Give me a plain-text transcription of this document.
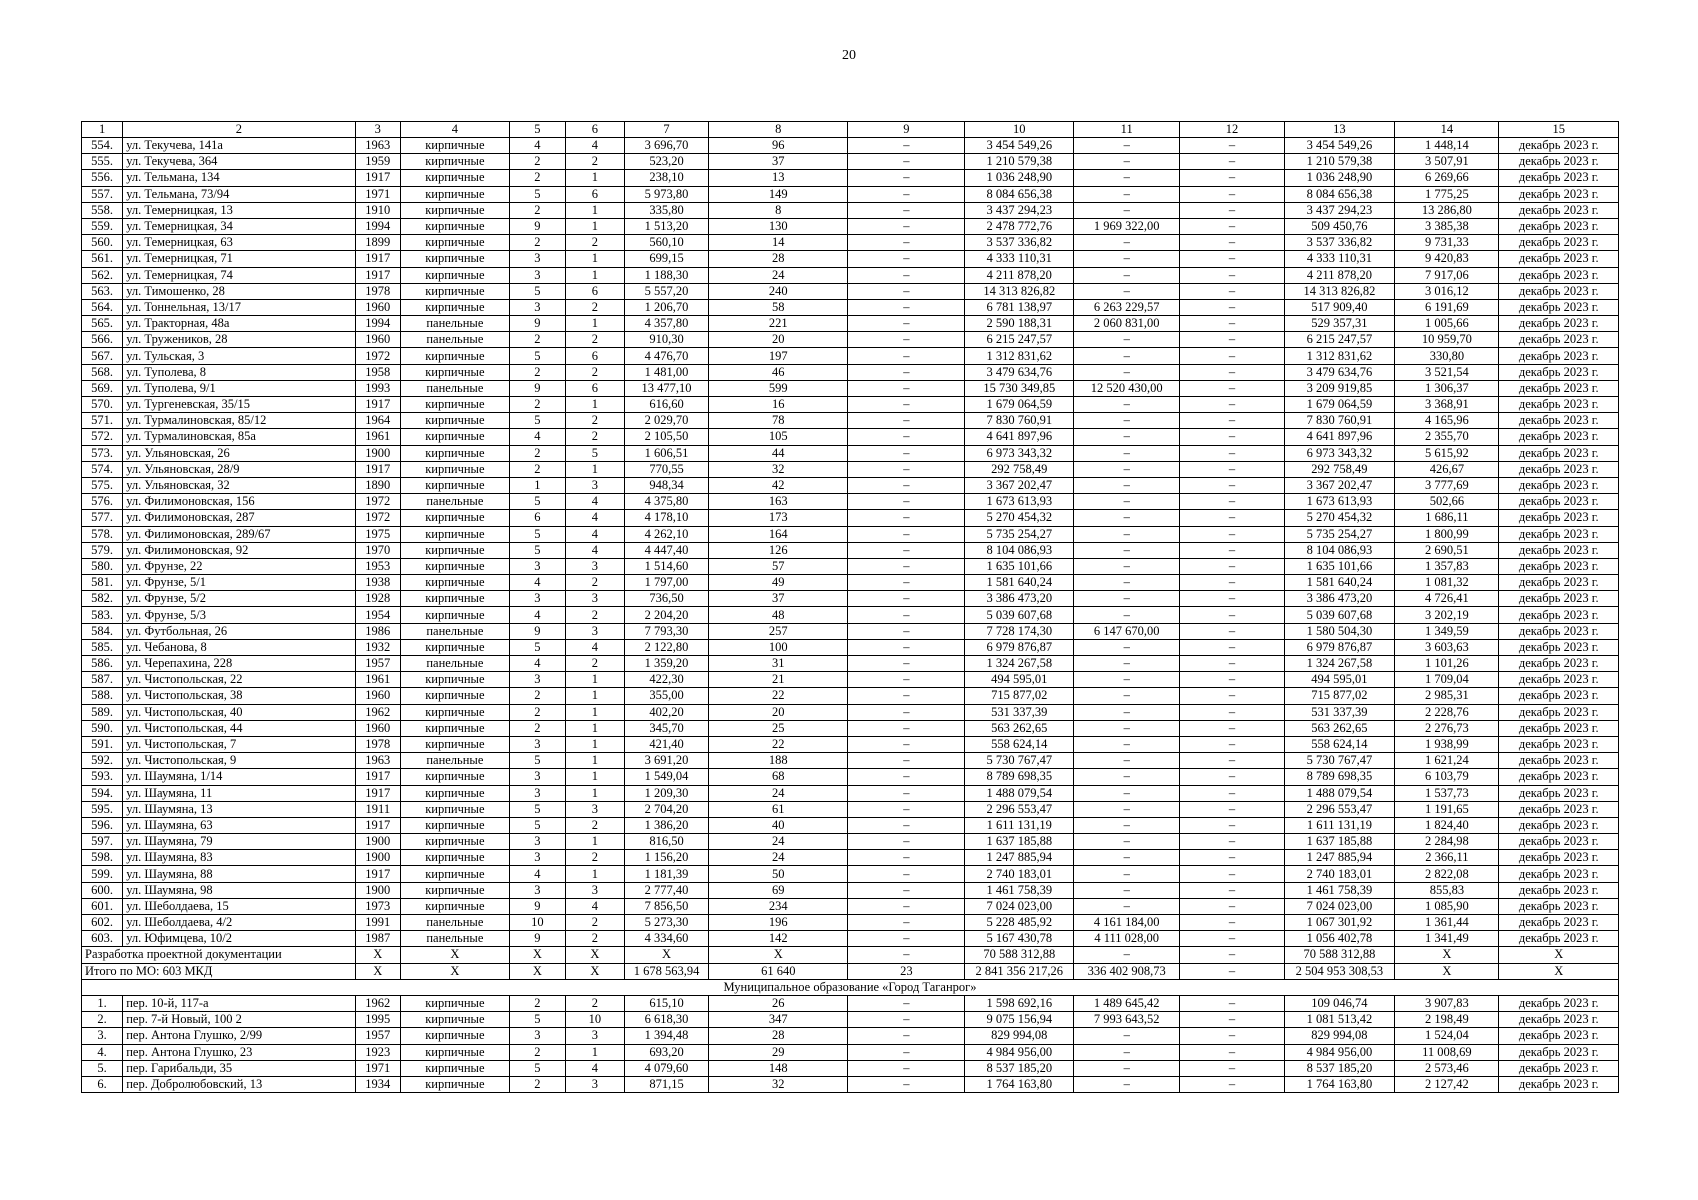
20
1	2	3	4	5	6	7	8	9	10	11	12	13	14	15
554.	ул. Текучева, 141а	1963	кирпичные	4	4	3 696,70	96	–	3 454 549,26	–	–	3 454 549,26	1 448,14	декабрь 2023 г.
555.	ул. Текучева, 364	1959	кирпичные	2	2	523,20	37	–	1 210 579,38	–	–	1 210 579,38	3 507,91	декабрь 2023 г.
556.	ул. Тельмана, 134	1917	кирпичные	2	1	238,10	13	–	1 036 248,90	–	–	1 036 248,90	6 269,66	декабрь 2023 г.
557.	ул. Тельмана, 73/94	1971	кирпичные	5	6	5 973,80	149	–	8 084 656,38	–	–	8 084 656,38	1 775,25	декабрь 2023 г.
558.	ул. Темерницкая, 13	1910	кирпичные	2	1	335,80	8	–	3 437 294,23	–	–	3 437 294,23	13 286,80	декабрь 2023 г.
559.	ул. Темерницкая, 34	1994	кирпичные	9	1	1 513,20	130	–	2 478 772,76	1 969 322,00	–	509 450,76	3 385,38	декабрь 2023 г.
560.	ул. Темерницкая, 63	1899	кирпичные	2	2	560,10	14	–	3 537 336,82	–	–	3 537 336,82	9 731,33	декабрь 2023 г.
561.	ул. Темерницкая, 71	1917	кирпичные	3	1	699,15	28	–	4 333 110,31	–	–	4 333 110,31	9 420,83	декабрь 2023 г.
562.	ул. Темерницкая, 74	1917	кирпичные	3	1	1 188,30	24	–	4 211 878,20	–	–	4 211 878,20	7 917,06	декабрь 2023 г.
563.	ул. Тимошенко, 28	1978	кирпичные	5	6	5 557,20	240	–	14 313 826,82	–	–	14 313 826,82	3 016,12	декабрь 2023 г.
564.	ул. Тоннельная, 13/17	1960	кирпичные	3	2	1 206,70	58	–	6 781 138,97	6 263 229,57	–	517 909,40	6 191,69	декабрь 2023 г.
565.	ул. Тракторная, 48а	1994	панельные	9	1	4 357,80	221	–	2 590 188,31	2 060 831,00	–	529 357,31	1 005,66	декабрь 2023 г.
566.	ул. Тружеников, 28	1960	панельные	2	2	910,30	20	–	6 215 247,57	–	–	6 215 247,57	10 959,70	декабрь 2023 г.
567.	ул. Тульская, 3	1972	кирпичные	5	6	4 476,70	197	–	1 312 831,62	–	–	1 312 831,62	330,80	декабрь 2023 г.
568.	ул. Туполева, 8	1958	кирпичные	2	2	1 481,00	46	–	3 479 634,76	–	–	3 479 634,76	3 521,54	декабрь 2023 г.
569.	ул. Туполева, 9/1	1993	панельные	9	6	13 477,10	599	–	15 730 349,85	12 520 430,00	–	3 209 919,85	1 306,37	декабрь 2023 г.
570.	ул. Тургеневская, 35/15	1917	кирпичные	2	1	616,60	16	–	1 679 064,59	–	–	1 679 064,59	3 368,91	декабрь 2023 г.
571.	ул. Турмалиновская, 85/12	1964	кирпичные	5	2	2 029,70	78	–	7 830 760,91	–	–	7 830 760,91	4 165,96	декабрь 2023 г.
572.	ул. Турмалиновская, 85а	1961	кирпичные	4	2	2 105,50	105	–	4 641 897,96	–	–	4 641 897,96	2 355,70	декабрь 2023 г.
573.	ул. Ульяновская, 26	1900	кирпичные	2	5	1 606,51	44	–	6 973 343,32	–	–	6 973 343,32	5 615,92	декабрь 2023 г.
574.	ул. Ульяновская, 28/9	1917	кирпичные	2	1	770,55	32	–	292 758,49	–	–	292 758,49	426,67	декабрь 2023 г.
575.	ул. Ульяновская, 32	1890	кирпичные	1	3	948,34	42	–	3 367 202,47	–	–	3 367 202,47	3 777,69	декабрь 2023 г.
576.	ул. Филимоновская, 156	1972	панельные	5	4	4 375,80	163	–	1 673 613,93	–	–	1 673 613,93	502,66	декабрь 2023 г.
577.	ул. Филимоновская, 287	1972	кирпичные	6	4	4 178,10	173	–	5 270 454,32	–	–	5 270 454,32	1 686,11	декабрь 2023 г.
578.	ул. Филимоновская, 289/67	1975	кирпичные	5	4	4 262,10	164	–	5 735 254,27	–	–	5 735 254,27	1 800,99	декабрь 2023 г.
579.	ул. Филимоновская, 92	1970	кирпичные	5	4	4 447,40	126	–	8 104 086,93	–	–	8 104 086,93	2 690,51	декабрь 2023 г.
580.	ул. Фрунзе, 22	1953	кирпичные	3	3	1 514,60	57	–	1 635 101,66	–	–	1 635 101,66	1 357,83	декабрь 2023 г.
581.	ул. Фрунзе, 5/1	1938	кирпичные	4	2	1 797,00	49	–	1 581 640,24	–	–	1 581 640,24	1 081,32	декабрь 2023 г.
582.	ул. Фрунзе, 5/2	1928	кирпичные	3	3	736,50	37	–	3 386 473,20	–	–	3 386 473,20	4 726,41	декабрь 2023 г.
583.	ул. Фрунзе, 5/3	1954	кирпичные	4	2	2 204,20	48	–	5 039 607,68	–	–	5 039 607,68	3 202,19	декабрь 2023 г.
584.	ул. Футбольная, 26	1986	панельные	9	3	7 793,30	257	–	7 728 174,30	6 147 670,00	–	1 580 504,30	1 349,59	декабрь 2023 г.
585.	ул. Чебанова, 8	1932	кирпичные	5	4	2 122,80	100	–	6 979 876,87	–	–	6 979 876,87	3 603,63	декабрь 2023 г.
586.	ул. Черепахина, 228	1957	панельные	4	2	1 359,20	31	–	1 324 267,58	–	–	1 324 267,58	1 101,26	декабрь 2023 г.
587.	ул. Чистопольская, 22	1961	кирпичные	3	1	422,30	21	–	494 595,01	–	–	494 595,01	1 709,04	декабрь 2023 г.
588.	ул. Чистопольская, 38	1960	кирпичные	2	1	355,00	22	–	715 877,02	–	–	715 877,02	2 985,31	декабрь 2023 г.
589.	ул. Чистопольская, 40	1962	кирпичные	2	1	402,20	20	–	531 337,39	–	–	531 337,39	2 228,76	декабрь 2023 г.
590.	ул. Чистопольская, 44	1960	кирпичные	2	1	345,70	25	–	563 262,65	–	–	563 262,65	2 276,73	декабрь 2023 г.
591.	ул. Чистопольская, 7	1978	кирпичные	3	1	421,40	22	–	558 624,14	–	–	558 624,14	1 938,99	декабрь 2023 г.
592.	ул. Чистопольская, 9	1963	панельные	5	1	3 691,20	188	–	5 730 767,47	–	–	5 730 767,47	1 621,24	декабрь 2023 г.
593.	ул. Шаумяна, 1/14	1917	кирпичные	3	1	1 549,04	68	–	8 789 698,35	–	–	8 789 698,35	6 103,79	декабрь 2023 г.
594.	ул. Шаумяна, 11	1917	кирпичные	3	1	1 209,30	24	–	1 488 079,54	–	–	1 488 079,54	1 537,73	декабрь 2023 г.
595.	ул. Шаумяна, 13	1911	кирпичные	5	3	2 704,20	61	–	2 296 553,47	–	–	2 296 553,47	1 191,65	декабрь 2023 г.
596.	ул. Шаумяна, 63	1917	кирпичные	5	2	1 386,20	40	–	1 611 131,19	–	–	1 611 131,19	1 824,40	декабрь 2023 г.
597.	ул. Шаумяна, 79	1900	кирпичные	3	1	816,50	24	–	1 637 185,88	–	–	1 637 185,88	2 284,98	декабрь 2023 г.
598.	ул. Шаумяна, 83	1900	кирпичные	3	2	1 156,20	24	–	1 247 885,94	–	–	1 247 885,94	2 366,11	декабрь 2023 г.
599.	ул. Шаумяна, 88	1917	кирпичные	4	1	1 181,39	50	–	2 740 183,01	–	–	2 740 183,01	2 822,08	декабрь 2023 г.
600.	ул. Шаумяна, 98	1900	кирпичные	3	3	2 777,40	69	–	1 461 758,39	–	–	1 461 758,39	855,83	декабрь 2023 г.
601.	ул. Шеболдаева, 15	1973	кирпичные	9	4	7 856,50	234	–	7 024 023,00	–	–	7 024 023,00	1 085,90	декабрь 2023 г.
602.	ул. Шеболдаева, 4/2	1991	панельные	10	2	5 273,30	196	–	5 228 485,92	4 161 184,00	–	1 067 301,92	1 361,44	декабрь 2023 г.
603.	ул. Юфимцева, 10/2	1987	панельные	9	2	4 334,60	142	–	5 167 430,78	4 111 028,00	–	1 056 402,78	1 341,49	декабрь 2023 г.
Разработка проектной документации		X	X	X	X	X	X	–	70 588 312,88	–	–	70 588 312,88	X	X
Итого по МО: 603 МКД		X	X	X	X	1 678 563,94	61 640	23	2 841 356 217,26	336 402 908,73	–	2 504 953 308,53	X	X
Муниципальное образование «Город Таганрог»														
1.	пер. 10-й, 117-а	1962	кирпичные	2	2	615,10	26	–	1 598 692,16	1 489 645,42	–	109 046,74	3 907,83	декабрь 2023 г.
2.	пер. 7-й Новый, 100 2	1995	кирпичные	5	10	6 618,30	347	–	9 075 156,94	7 993 643,52	–	1 081 513,42	2 198,49	декабрь 2023 г.
3.	пер. Антона Глушко, 2/99	1957	кирпичные	3	3	1 394,48	28	–	829 994,08	–	–	829 994,08	1 524,04	декабрь 2023 г.
4.	пер. Антона Глушко, 23	1923	кирпичные	2	1	693,20	29	–	4 984 956,00	–	–	4 984 956,00	11 008,69	декабрь 2023 г.
5.	пер. Гарибальди, 35	1971	кирпичные	5	4	4 079,60	148	–	8 537 185,20	–	–	8 537 185,20	2 573,46	декабрь 2023 г.
6.	пер. Добролюбовский, 13	1934	кирпичные	2	3	871,15	32	–	1 764 163,80	–	–	1 764 163,80	2 127,42	декабрь 2023 г.
